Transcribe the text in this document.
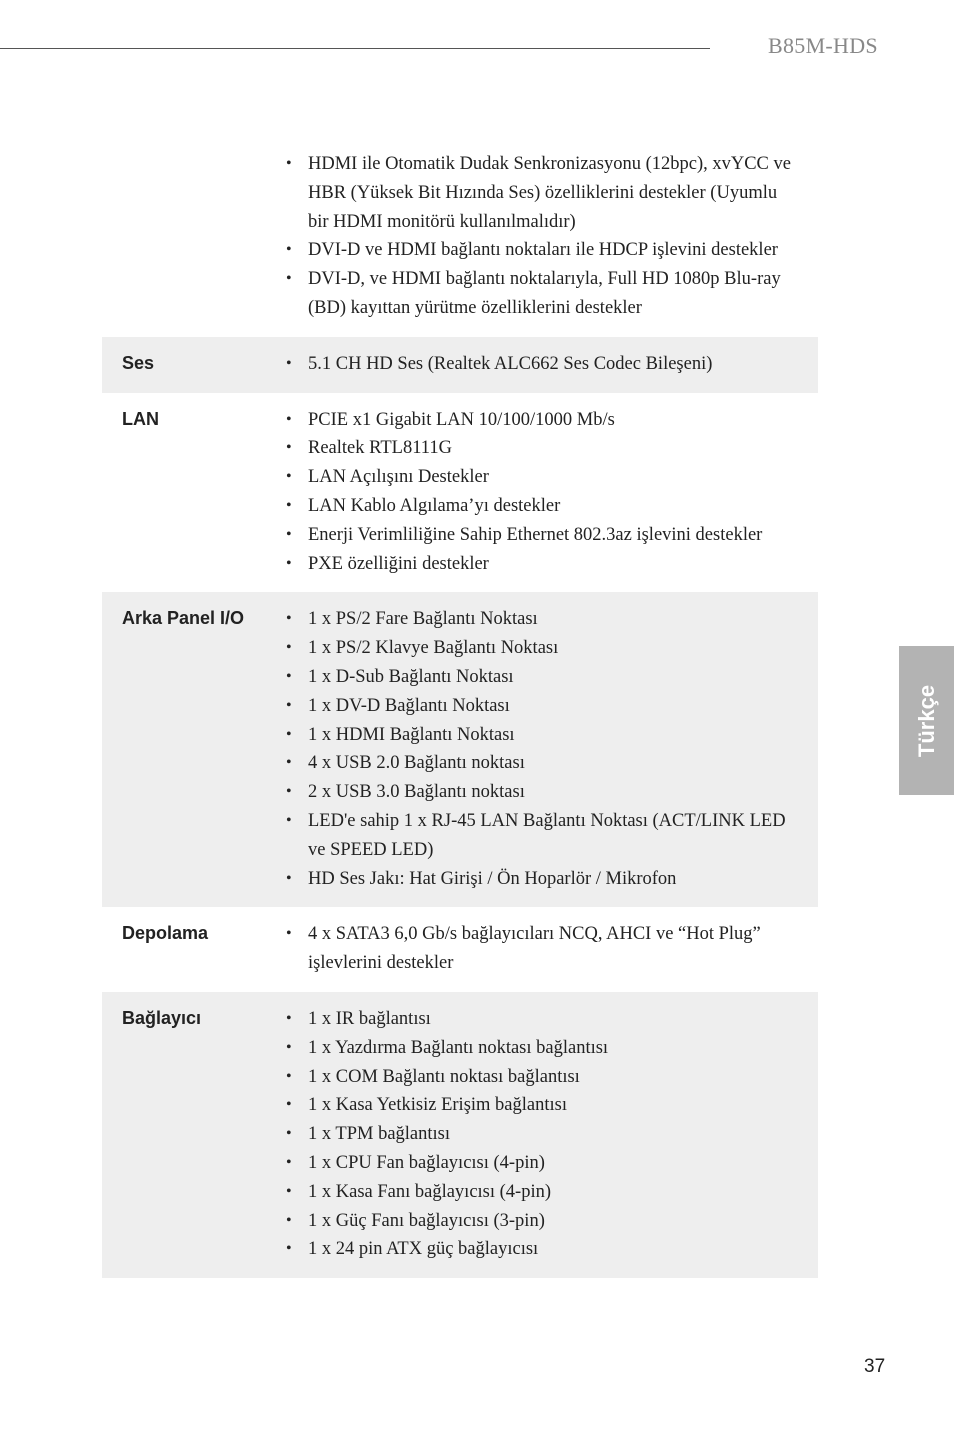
B85M-HDS
Türkçe
• HDMI ile Otomatik Dudak Senkronizasyonu (12bpc), xvYCC ve HBR (Yüksek Bit Hızında Ses) özelliklerini destekler (Uyumlu bir HDMI monitörü kullanılmalıdır)
• DVI-D ve HDMI bağlantı noktaları ile HDCP işlevini destekler
• DVI-D, ve HDMI bağlantı noktalarıyla, Full HD 1080p Blu-ray (BD) kayıttan yürütme özelliklerini destekler
Ses	• 5.1 CH HD Ses (Realtek ALC662 Ses Codec Bileşeni)
LAN	• PCIE x1 Gigabit LAN 10/100/1000 Mb/s
• Realtek RTL8111G
• LAN Açılışını Destekler
• LAN Kablo Algılama’yı destekler
• Enerji Verimliliğine Sahip Ethernet 802.3az işlevini destekler
• PXE özelliğini destekler
Arka Panel I/O	• 1 x PS/2 Fare Bağlantı Noktası
• 1 x PS/2 Klavye Bağlantı Noktası
• 1 x D-Sub Bağlantı Noktası
• 1 x DV-D Bağlantı Noktası
• 1 x HDMI Bağlantı Noktası
• 4 x USB 2.0 Bağlantı noktası
• 2 x USB 3.0 Bağlantı noktası
• LED'e sahip 1 x RJ-45 LAN Bağlantı Noktası (ACT/LINK LED ve SPEED LED)
• HD Ses Jakı: Hat Girişi / Ön Hoparlör / Mikrofon
Depolama	• 4 x SATA3 6,0 Gb/s bağlayıcıları NCQ, AHCI ve “Hot Plug” işlevlerini destekler
Bağlayıcı	• 1 x IR bağlantısı
• 1 x Yazdırma Bağlantı noktası bağlantısı
• 1 x COM Bağlantı noktası bağlantısı
• 1 x Kasa Yetkisiz Erişim bağlantısı
• 1 x TPM bağlantısı
• 1 x CPU Fan bağlayıcısı (4-pin)
• 1 x Kasa Fanı bağlayıcısı (4-pin)
• 1 x Güç Fanı bağlayıcısı (3-pin)
• 1 x 24 pin ATX güç bağlayıcısı
37
